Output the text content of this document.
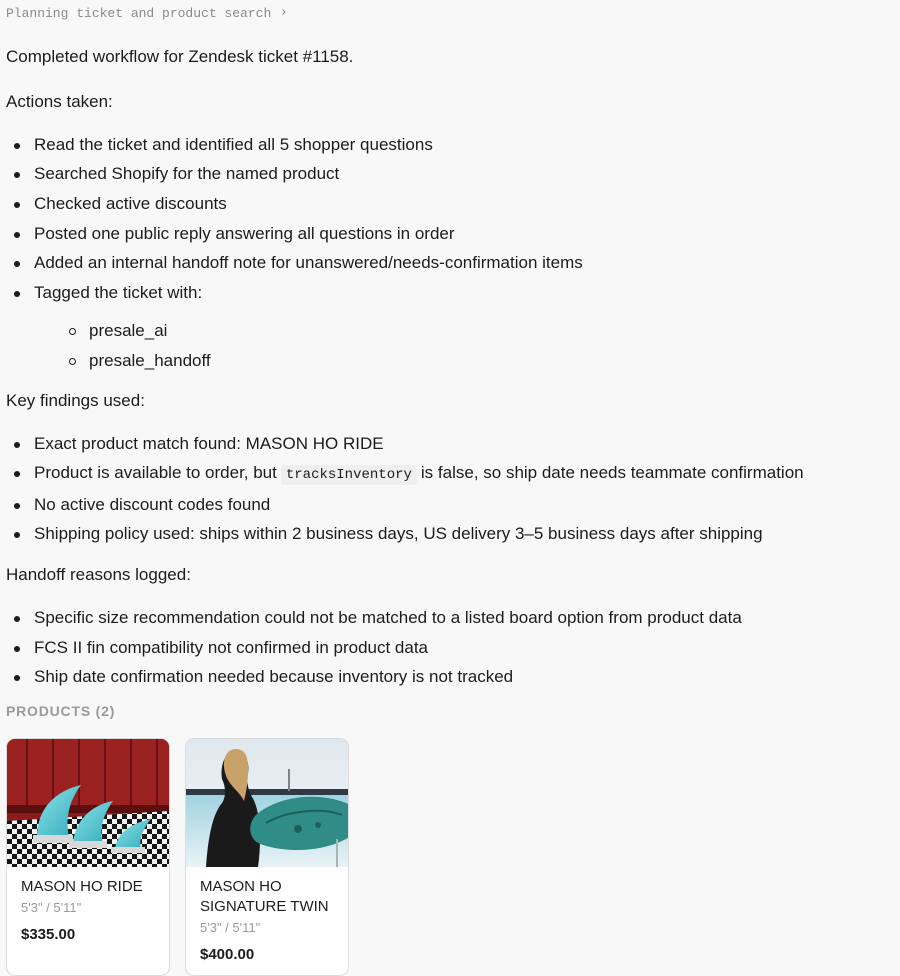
Planning ticket and product search ›

Completed workflow for Zendesk ticket #1158.

Actions taken:

Read the ticket and identified all 5 shopper questions
Searched Shopify for the named product
Checked active discounts
Posted one public reply answering all questions in order
Added an internal handoff note for unanswered/needs-confirmation items
Tagged the ticket with:
presale_ai
presale_handoff

Key findings used:

Exact product match found: MASON HO RIDE
Product is available to order, but tracksInventory is false, so ship date needs teammate confirmation
No active discount codes found
Shipping policy used: ships within 2 business days, US delivery 3–5 business days after shipping

Handoff reasons logged:

Specific size recommendation could not be matched to a listed board option from product data
FCS II fin compatibility not confirmed in product data
Ship date confirmation needed because inventory is not tracked
PRODUCTS (2)
MASON HO RIDE
5'3" / 5'11"
$335.00
MASON HO SIGNATURE TWIN
5'3" / 5'11"
$400.00
